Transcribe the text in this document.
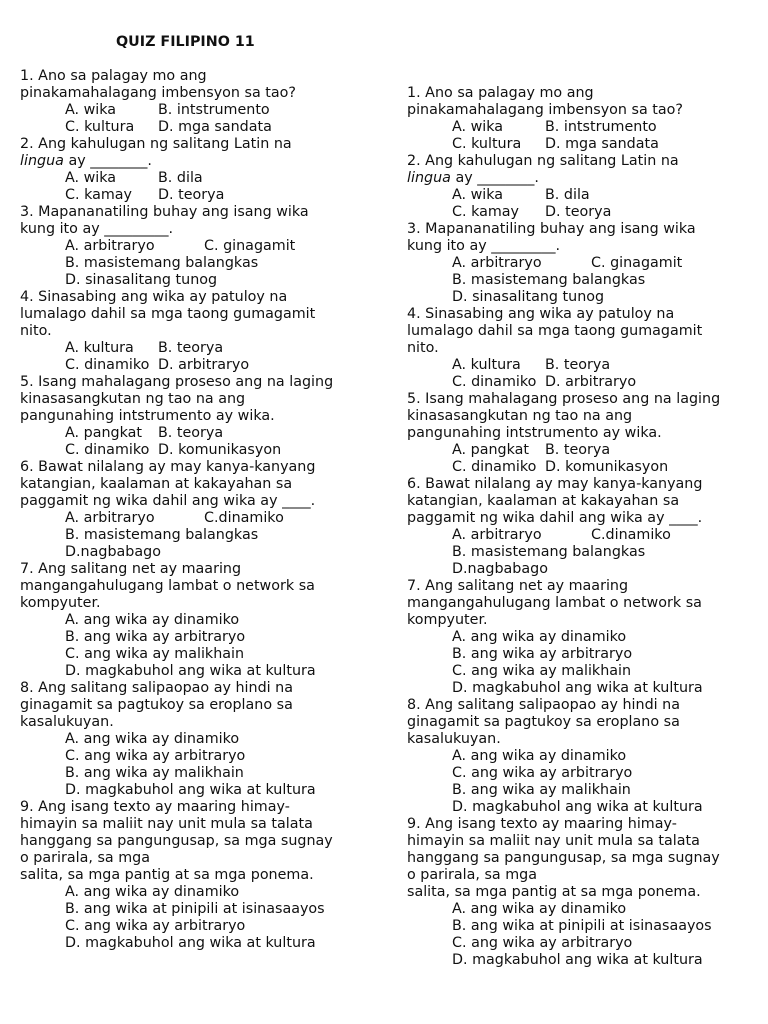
QUIZ FILIPINO 11
1. Ano sa palagay mo ang
pinakamahalagang imbensyon sa tao?
A. wika	B. intstrumento
C. kultura D. mga sandata
2. Ang kahulugan ng salitang Latin na
lingua ay ________.
A. wika	B. dila
C. kamay D. teorya
3. Mapananatiling buhay ang isang wika
kung ito ay _________.
A. arbitraryo	C. ginagamit
B. masistemang balangkas
D. sinasalitang tunog
4. Sinasabing ang wika ay patuloy na
lumalago dahil sa mga taong gumagamit
nito.
A. kultura B. teorya
C. dinamiko D. arbitraryo
5. Isang mahalagang proseso ang na laging
kinasasangkutan ng tao na ang
pangunahing intstrumento ay wika.
A. pangkat B. teorya
C. dinamiko D. komunikasyon
6. Bawat nilalang ay may kanya-kanyang
katangian, kaalaman at kakayahan sa
paggamit ng wika dahil ang wika ay ____.
A. arbitraryo	C.dinamiko
B. masistemang balangkas
D.nagbabago
7. Ang salitang net ay maaring
mangangahulugang lambat o network sa
kompyuter.
A. ang wika ay dinamiko
B. ang wika ay arbitraryo
C. ang wika ay malikhain
D. magkabuhol ang wika at kultura
8. Ang salitang salipaopao ay hindi na
ginagamit sa pagtukoy sa eroplano sa
kasalukuyan.
A. ang wika ay dinamiko
C. ang wika ay arbitraryo
B. ang wika ay malikhain
D. magkabuhol ang wika at kultura
9. Ang isang texto ay maaring himay-
himayin sa maliit nay unit mula sa talata
hanggang sa pangungusap, sa mga sugnay
o parirala, sa mga
salita, sa mga pantig at sa mga ponema.
A. ang wika ay dinamiko
B. ang wika at pinipili at isinasaayos
C. ang wika ay arbitraryo
D. magkabuhol ang wika at kultura
1. Ano sa palagay mo ang
pinakamahalagang imbensyon sa tao?
A. wika	B. intstrumento
C. kultura D. mga sandata
2. Ang kahulugan ng salitang Latin na
lingua ay ________.
A. wika	B. dila
C. kamay D. teorya
3. Mapananatiling buhay ang isang wika
kung ito ay _________.
A. arbitraryo	C. ginagamit
B. masistemang balangkas
D. sinasalitang tunog
4. Sinasabing ang wika ay patuloy na
lumalago dahil sa mga taong gumagamit
nito.
A. kultura B. teorya
C. dinamiko D. arbitraryo
5. Isang mahalagang proseso ang na laging
kinasasangkutan ng tao na ang
pangunahing intstrumento ay wika.
A. pangkat B. teorya
C. dinamiko D. komunikasyon
6. Bawat nilalang ay may kanya-kanyang
katangian, kaalaman at kakayahan sa
paggamit ng wika dahil ang wika ay ____.
A. arbitraryo	C.dinamiko
B. masistemang balangkas
D.nagbabago
7. Ang salitang net ay maaring
mangangahulugang lambat o network sa
kompyuter.
A. ang wika ay dinamiko
B. ang wika ay arbitraryo
C. ang wika ay malikhain
D. magkabuhol ang wika at kultura
8. Ang salitang salipaopao ay hindi na
ginagamit sa pagtukoy sa eroplano sa
kasalukuyan.
A. ang wika ay dinamiko
C. ang wika ay arbitraryo
B. ang wika ay malikhain
D. magkabuhol ang wika at kultura
9. Ang isang texto ay maaring himay-
himayin sa maliit nay unit mula sa talata
hanggang sa pangungusap, sa mga sugnay
o parirala, sa mga
salita, sa mga pantig at sa mga ponema.
A. ang wika ay dinamiko
B. ang wika at pinipili at isinasaayos
C. ang wika ay arbitraryo
D. magkabuhol ang wika at kultura
